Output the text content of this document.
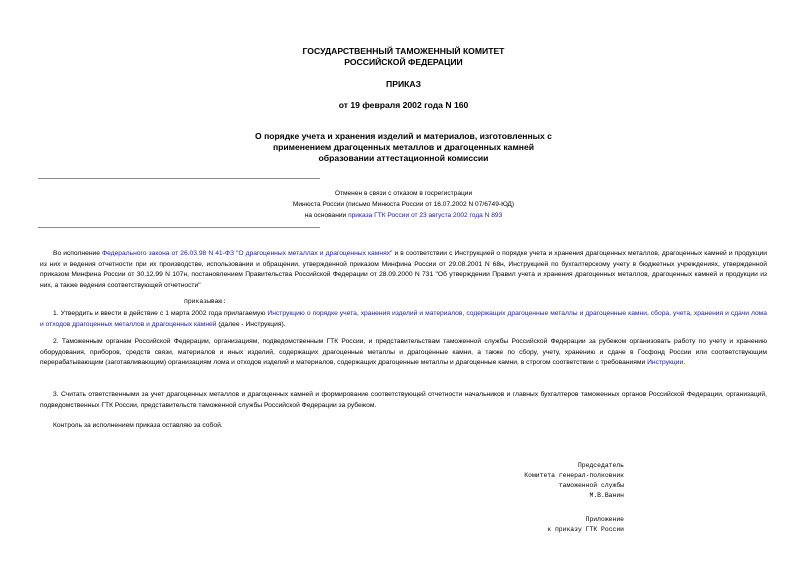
ГОСУДАРСТВЕННЫЙ ТАМОЖЕННЫЙ КОМИТЕТ
РОССИЙСКОЙ ФЕДЕРАЦИИ
ПРИКАЗ
от 19 февраля 2002 года N 160
О порядке учета и хранения изделий и материалов, изготовленных с
применением драгоценных металлов и драгоценных камней
образовании аттестационной комиссии
Отменен в связи с отказом в госрегистрации
Минюста России (письмо Минюста России от 16.07.2002 N 07/6749-ЮД)
на основании приказа ГТК России от 23 августа 2002 года N 893
Во исполнение Федерального закона от 26.03.98 N 41-ФЗ "О драгоценных металлах и драгоценных камнях" и в соответствии с Инструкцией о порядке учета и хранения драгоценных металлов, драгоценных камней и продукции из них и ведения отчетности при их производстве, использовании и обращении, утвержденной приказом Минфина России от 29.08.2001 N 68н, Инструкцией по бухгалтерскому учету в бюджетных учреждениях, утвержденной приказом Минфина России от 30.12.99 N 107н, постановлением Правительства Российской Федерации от 28.09.2000 N 731 "Об утверждении Правил учета и хранения драгоценных металлов, драгоценных камней и продукции из них, а также ведения соответствующей отчетности"
приказываю:
1. Утвердить и ввести в действие с 1 марта 2002 года прилагаемую Инструкцию о порядке учета, хранения изделий и материалов, содержащих драгоценные металлы и драгоценные камни, сбора, учета, хранения и сдачи лома и отходов драгоценных металлов и драгоценных камней (далее - Инструкция).
2. Таможенным органам Российской Федерации, организациям, подведомственным ГТК России, и представительствам таможенной службы Российской Федерации за рубежом организовать работу по учету и хранению оборудования, приборов, средств связи, материалов и иных изделий, содержащих драгоценные металлы и драгоценные камни, а также по сбору, учету, хранению и сдаче в Госфонд России или соответствующим перерабатывающим (заготавливающим) организациям лома и отходов изделий и материалов, содержащих драгоценные металлы и драгоценные камни, в строгом соответствии с требованиями Инструкции.
3. Считать ответственными за учет драгоценных металлов и драгоценных камней и формирование соответствующей отчетности начальников и главных бухгалтеров таможенных органов Российской Федерации, организаций, подведомственных ГТК России, представительств таможенной службы Российской Федерации за рубежом.
Контроль за исполнением приказа оставляю за собой.
Председатель
Комитета генерал-полковник
таможенной службы
М.В.Ванин
Приложение
к приказу ГТК России
